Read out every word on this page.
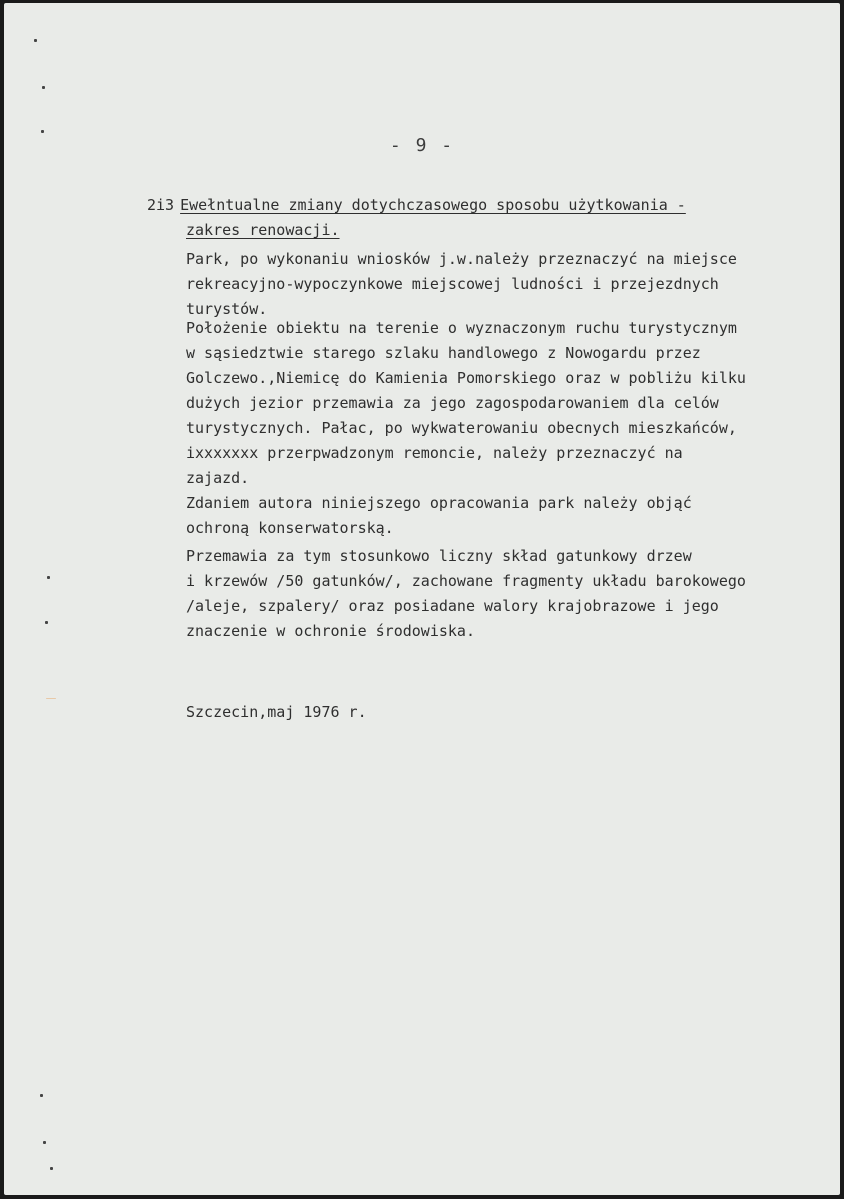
- 9 -
2i3 Ewełntualne zmiany dotychczasowego sposobu użytkowania -
zakres renowacji.
Park, po wykonaniu wniosków j.w.należy przeznaczyć na miejsce
rekreacyjno-wypoczynkowe miejscowej ludności i przejezdnych
turystów.
Położenie obiektu na terenie o wyznaczonym ruchu turystycznym
w sąsiedztwie starego szlaku handlowego z Nowogardu przez
Golczewo.,Niemicę do Kamienia Pomorskiego oraz w pobliżu kilku
dużych jezior przemawia za jego zagospodarowaniem dla celów
turystycznych. Pałac, po wykwaterowaniu obecnych mieszkańców,
ixxxxxxx przerpwadzonym remoncie, należy przeznaczyć na
zajazd.
Zdaniem autora niniejszego opracowania park należy objąć
ochroną konserwatorską.
Przemawia za tym stosunkowo liczny skład gatunkowy drzew
i krzewów /50 gatunków/, zachowane fragmenty układu barokowego
/aleje, szpalery/ oraz posiadane walory krajobrazowe i jego
znaczenie w ochronie środowiska.
Szczecin,maj 1976 r.
